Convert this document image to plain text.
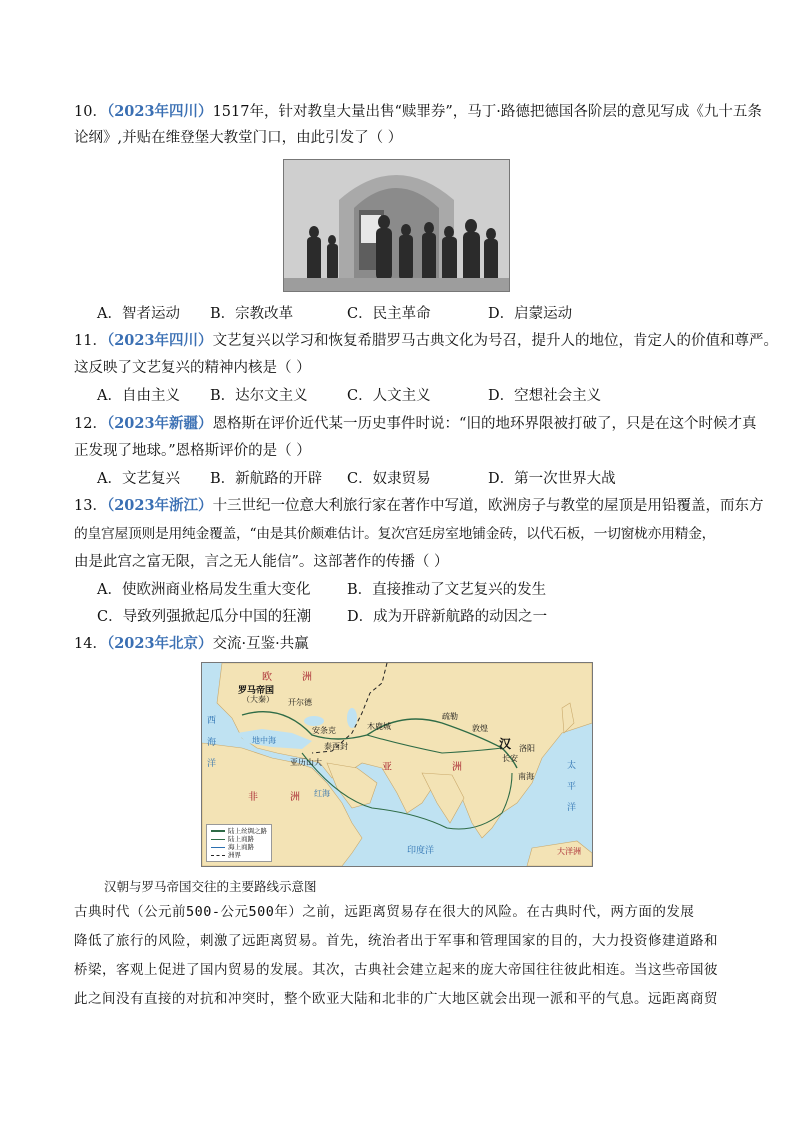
10．（2023年四川）1517年，针对教皇大量出售“赎罪券”，马丁·路德把德国各阶层的意见写成《九十五条
论纲》,并贴在维登堡大教堂门口，由此引发了（ ）
A．智者运动 B．宗教改革	C．民主革命	D．启蒙运动
11．（2023年四川）文艺复兴以学习和恢复希腊罗马古典文化为号召，提升人的地位，肯定人的价值和尊严。
这反映了文艺复兴的精神内核是（ ）
A．自由主义 B．达尔文主义	C．人文主义	D．空想社会主义
12．（2023年新疆）恩格斯在评价近代某一历史事件时说：“旧的地环界限被打破了，只是在这个时候才真
正发现了地球。”恩格斯评价的是（ ）
A．文艺复兴 B．新航路的开辟 C．奴隶贸易	D．第一次世界大战
13．（2023年浙江）十三世纪一位意大利旅行家在著作中写道，欧洲房子与教堂的屋顶是用铅覆盖，而东方
的皇宫屋顶则是用纯金覆盖，“由是其价颇难估计。复次宫廷房室地铺金砖，以代石板，一切窗栊亦用精金，
由是此宫之富无限，言之无人能信”。这部著作的传播（ ）
A．使欧洲商业格局发生重大变化	B．直接推动了文艺复兴的发生
C．导致列强掀起瓜分中国的狂潮 D．成为开辟新航路的动因之一
14．（2023年北京）交流·互鉴·共赢
欧	洲
罗马帝国
（大秦）
西
海
洋
地中海
开尔德
安条克
泰西封
木鹿城
疏勒
敦煌
汉
长安
洛阳
南海
亚	洲
非	洲
亚历山大
红海
印度洋
太
平
洋
大洋洲
陆上丝绸之路
陆上商路
海上商路
洲界
汉朝与罗马帝国交往的主要路线示意图
古典时代（公元前500-公元500年）之前，远距离贸易存在很大的风险。在古典时代，两方面的发展
降低了旅行的风险，刺激了远距离贸易。首先，统治者出于军事和管理国家的目的，大力投资修建道路和
桥梁，客观上促进了国内贸易的发展。其次，古典社会建立起来的庞大帝国往往彼此相连。当这些帝国彼
此之间没有直接的对抗和冲突时，整个欧亚大陆和北非的广大地区就会出现一派和平的气息。远距离商贸
